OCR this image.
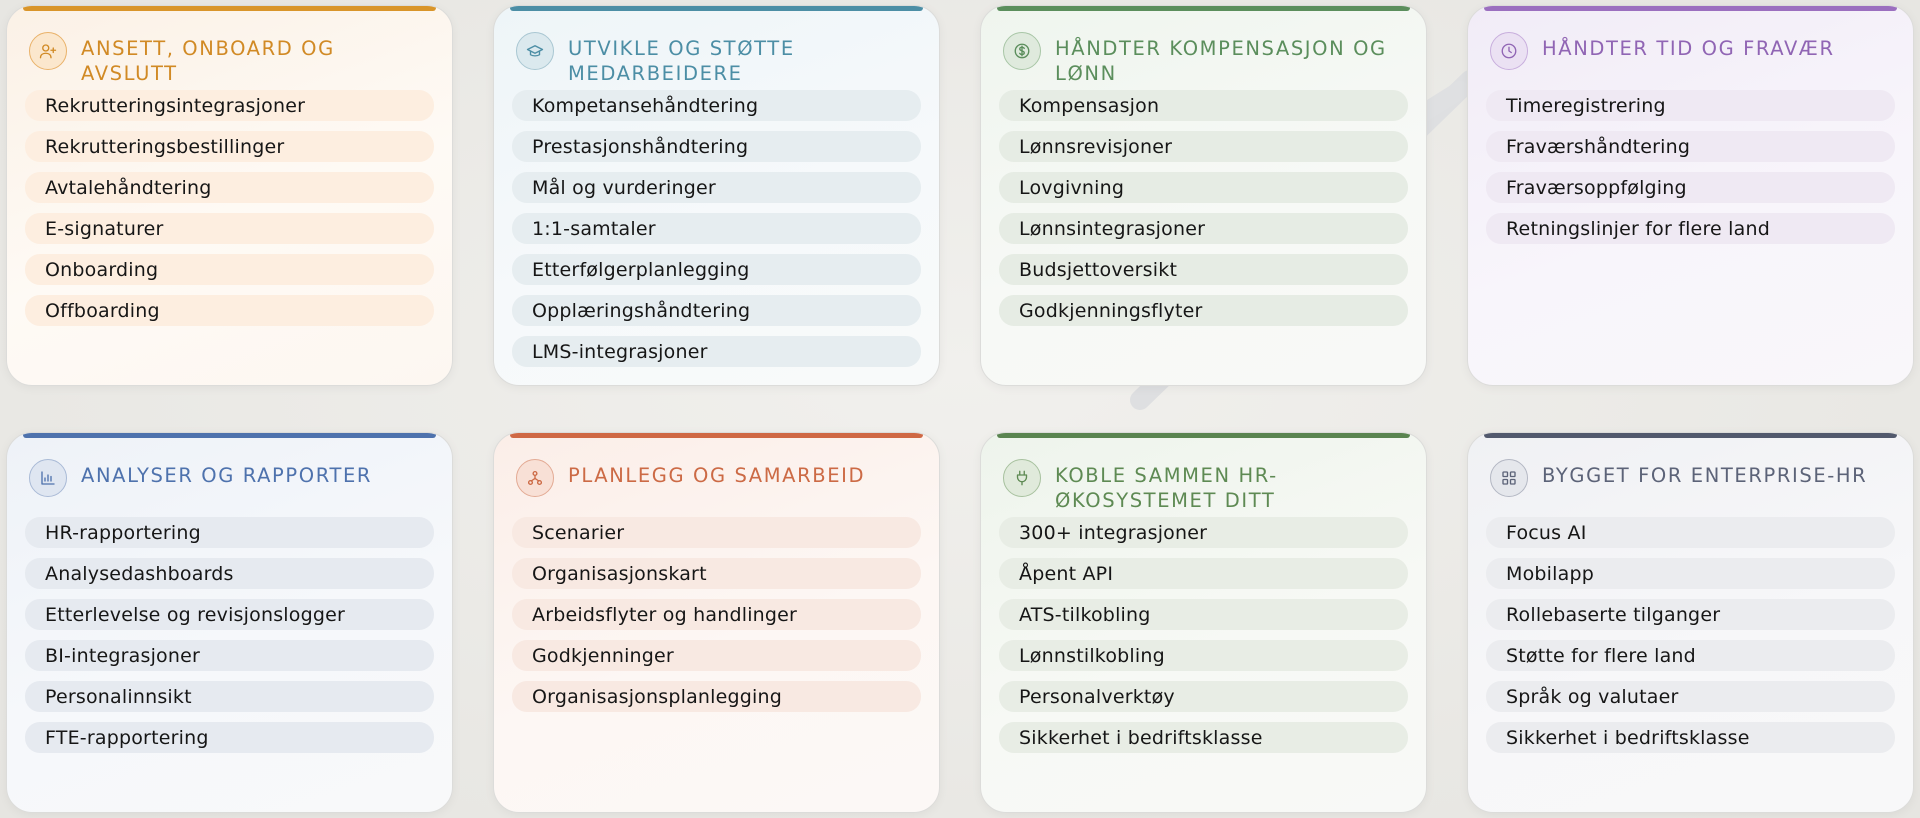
ANSETT, ONBOARD OG AVSLUTT
Rekrutteringsintegrasjoner
Rekrutteringsbestillinger
Avtalehåndtering
E-signaturer
Onboarding
Offboarding
UTVIKLE OG STØTTE MEDARBEIDERE
Kompetansehåndtering
Prestasjonshåndtering
Mål og vurderinger
1:1-samtaler
Etterfølgerplanlegging
Opplæringshåndtering
LMS-integrasjoner
HÅNDTER KOMPENSASJON OG LØNN
Kompensasjon
Lønnsrevisjoner
Lovgivning
Lønnsintegrasjoner
Budsjettoversikt
Godkjenningsflyter
HÅNDTER TID OG FRAVÆR
Timeregistrering
Fraværshåndtering
Fraværsoppfølging
Retningslinjer for flere land
ANALYSER OG RAPPORTER
HR-rapportering
Analysedashboards
Etterlevelse og revisjonslogger
BI-integrasjoner
Personalinnsikt
FTE-rapportering
PLANLEGG OG SAMARBEID
Scenarier
Organisasjonskart
Arbeidsflyter og handlinger
Godkjenninger
Organisasjonsplanlegging
KOBLE SAMMEN HR-ØKOSYSTEMET DITT
300+ integrasjoner
Åpent API
ATS-tilkobling
Lønnstilkobling
Personalverktøy
Sikkerhet i bedriftsklasse
BYGGET FOR ENTERPRISE-HR
Focus AI
Mobilapp
Rollebaserte tilganger
Støtte for flere land
Språk og valutaer
Sikkerhet i bedriftsklasse
